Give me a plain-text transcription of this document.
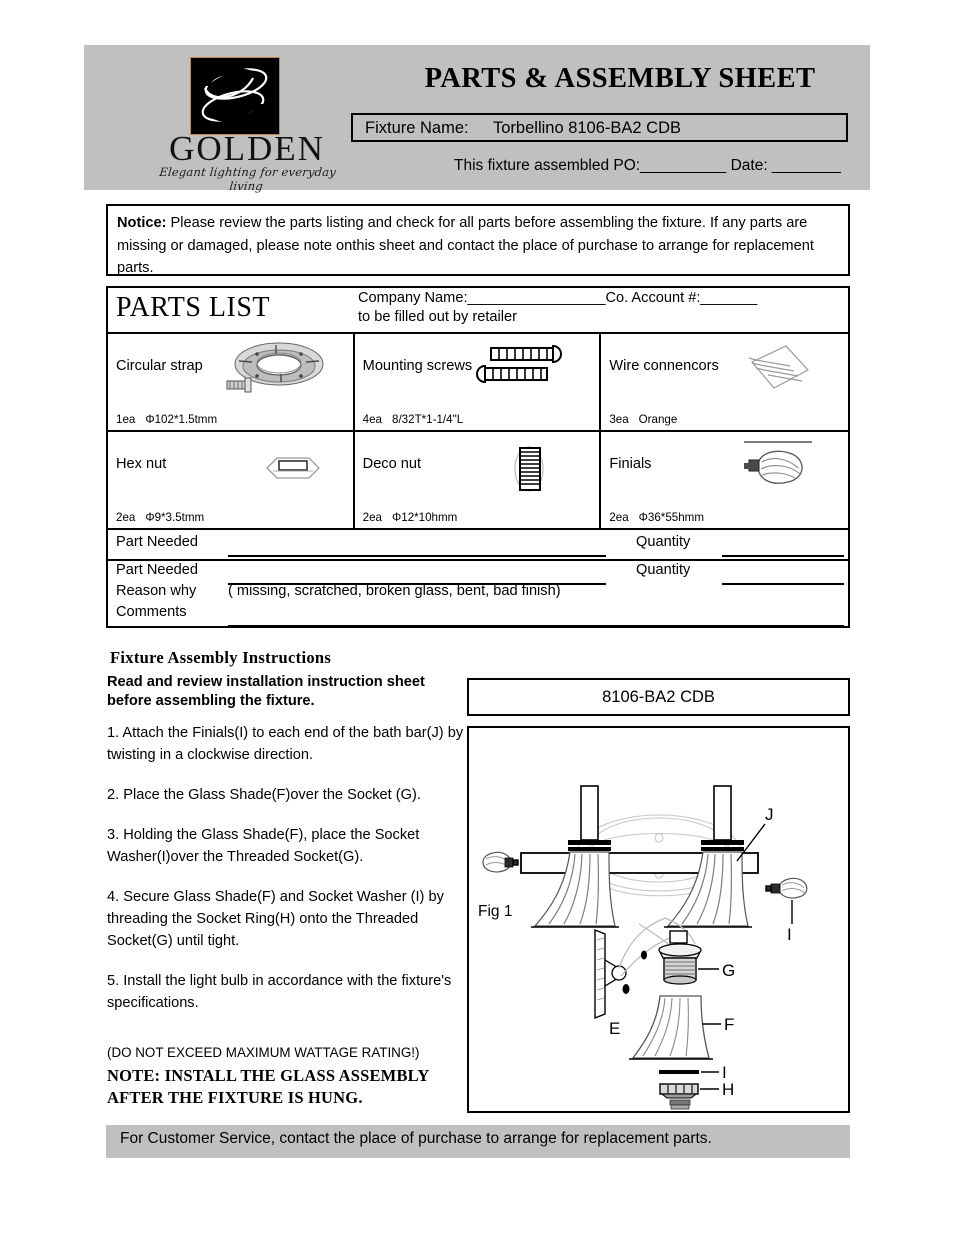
GOLDEN
Elegant lighting for everyday living
PARTS & ASSEMBLY SHEET
Fixture Name: Torbellino 8106-BA2 CDB
This fixture assembled PO:__________ Date: ________

Notice: Please review the parts listing and check for all parts before assembling the fixture. If any parts are missing or damaged, please note onthis sheet and contact the place of purchase to arrange for replacement parts.

PARTS LIST	Company Name:_________________Co. Account #:_______
to be filled out by retailer
Circular strap
1ea Φ102*1.5tmm
Mounting screws
4ea 8/32T*1-1/4"L
Wire connencors
3ea Orange
Hex nut
2ea Φ9*3.5tmm
Deco nut
2ea Φ12*10hmm
Finials
2ea Φ36*55hmm
Part Needed	Quantity
Part Needed	Quantity
Reason why ( missing, scratched, broken glass, bent, bad finish)
Comments
Fixture Assembly Instructions
Read and review installation instruction sheet before assembling the fixture.

1. Attach the Finials(I) to each end of the bath bar(J) by twisting in a clockwise direction.

2. Place the Glass Shade(F)over the Socket (G).

3. Holding the Glass Shade(F), place the Socket Washer(I)over the Threaded Socket(G).

4. Secure Glass Shade(F) and Socket Washer (I) by threading the Socket Ring(H) onto the Threaded Socket(G) until tight.

5. Install the light bulb in accordance with the fixture's specifications.

(DO NOT EXCEED MAXIMUM WATTAGE RATING!)
NOTE: INSTALL THE GLASS ASSEMBLY AFTER THE FIXTURE IS HUNG.
8106-BA2 CDB
Fig 1
J
I
E
G
F
I
H
For Customer Service, contact the place of purchase to arrange for replacement parts.
